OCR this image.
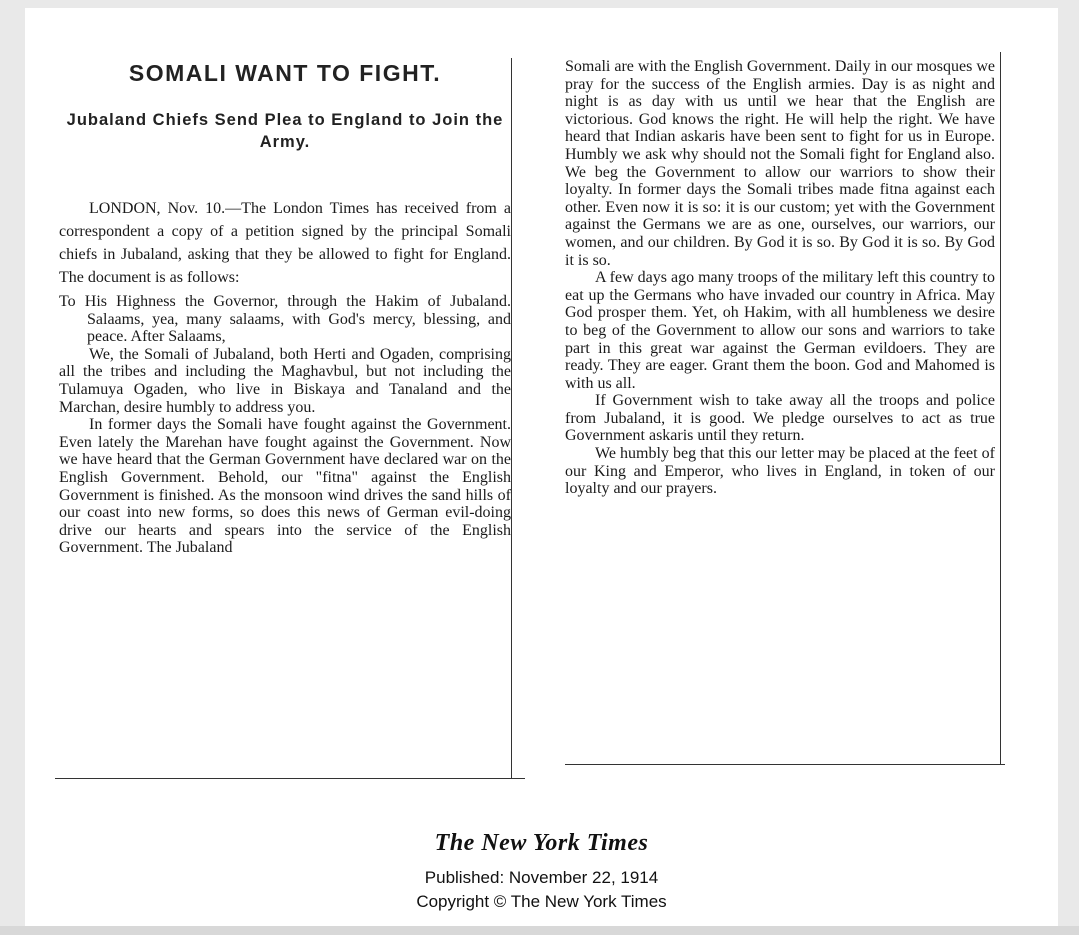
SOMALI WANT TO FIGHT.
Jubaland Chiefs Send Plea to England to Join the Army.

LONDON, Nov. 10.—The London Times has received from a correspondent a copy of a petition signed by the principal Somali chiefs in Jubaland, asking that they be allowed to fight for England. The document is as follows:

To His Highness the Governor, through the Hakim of Jubaland. Salaams, yea, many salaams, with God's mercy, blessing, and peace. After Salaams,

We, the Somali of Jubaland, both Herti and Ogaden, comprising all the tribes and including the Maghavbul, but not including the Tulamuya Ogaden, who live in Biskaya and Tanaland and the Marchan, desire humbly to address you.

In former days the Somali have fought against the Government. Even lately the Marehan have fought against the Government. Now we have heard that the German Government have declared war on the English Government. Behold, our "fitna" against the English Government is finished. As the monsoon wind drives the sand hills of our coast into new forms, so does this news of German evil-doing drive our hearts and spears into the service of the English Government. The Jubaland

Somali are with the English Government. Daily in our mosques we pray for the success of the English armies. Day is as night and night is as day with us until we hear that the English are victorious. God knows the right. He will help the right. We have heard that Indian askaris have been sent to fight for us in Europe. Humbly we ask why should not the Somali fight for England also. We beg the Government to allow our warriors to show their loyalty. In former days the Somali tribes made fitna against each other. Even now it is so: it is our custom; yet with the Government against the Germans we are as one, ourselves, our warriors, our women, and our children. By God it is so. By God it is so. By God it is so.

A few days ago many troops of the military left this country to eat up the Germans who have invaded our country in Africa. May God prosper them. Yet, oh Hakim, with all humbleness we desire to beg of the Government to allow our sons and warriors to take part in this great war against the German evildoers. They are ready. They are eager. Grant them the boon. God and Mahomed is with us all.

If Government wish to take away all the troops and police from Jubaland, it is good. We pledge ourselves to act as true Government askaris until they return.

We humbly beg that this our letter may be placed at the feet of our King and Emperor, who lives in England, in token of our loyalty and our prayers.

The New York Times
Published: November 22, 1914
Copyright © The New York Times
